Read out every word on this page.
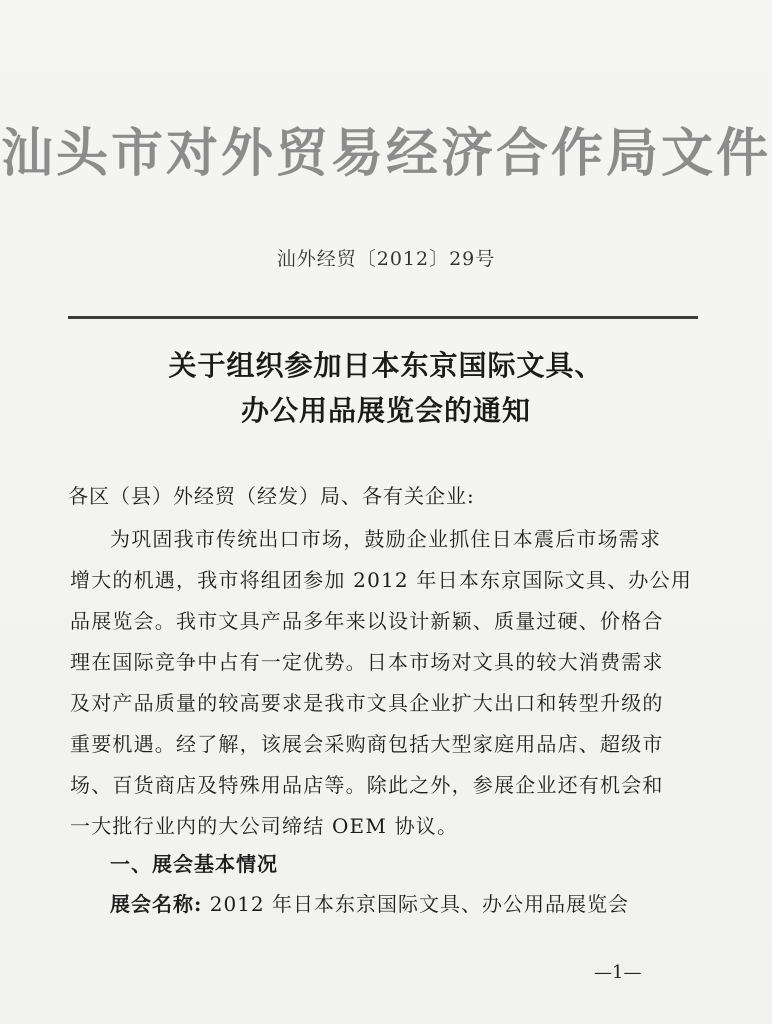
汕头市对外贸易经济合作局文件
汕外经贸〔2012〕29号
关于组织参加日本东京国际文具、
办公用品展览会的通知
各区（县）外经贸（经发）局、各有关企业:
为巩固我市传统出口市场，鼓励企业抓住日本震后市场需求
增大的机遇，我市将组团参加 2012 年日本东京国际文具、办公用
品展览会。我市文具产品多年来以设计新颖、质量过硬、价格合
理在国际竞争中占有一定优势。日本市场对文具的较大消费需求
及对产品质量的较高要求是我市文具企业扩大出口和转型升级的
重要机遇。经了解，该展会采购商包括大型家庭用品店、超级市
场、百货商店及特殊用品店等。除此之外，参展企业还有机会和
一大批行业内的大公司缔结 OEM 协议。
一、展会基本情况
展会名称: 2012 年日本东京国际文具、办公用品展览会
—1—
